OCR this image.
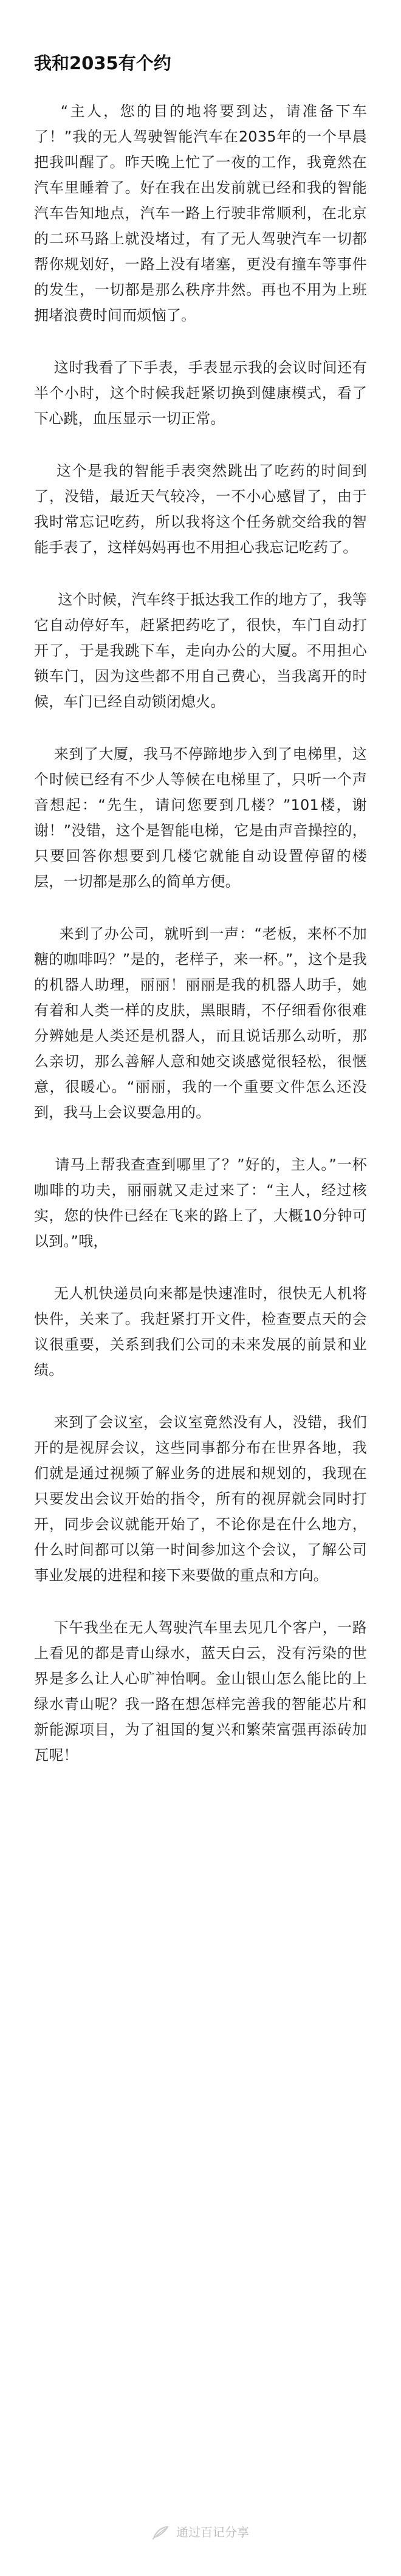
我和2035有个约

“主人，您的目的地将要到达，请准备下车了！”我的无人驾驶智能汽车在2035年的一个早晨把我叫醒了。昨天晚上忙了一夜的工作，我竟然在汽车里睡着了。好在我在出发前就已经和我的智能汽车告知地点，汽车一路上行驶非常顺利，在北京的二环马路上就没堵过，有了无人驾驶汽车一切都帮你规划好，一路上没有堵塞，更没有撞车等事件的发生，一切都是那么秩序井然。再也不用为上班拥堵浪费时间而烦恼了。

这时我看了下手表，手表显示我的会议时间还有半个小时，这个时候我赶紧切换到健康模式，看了下心跳，血压显示一切正常。

这个是我的智能手表突然跳出了吃药的时间到了，没错，最近天气较冷，一不小心感冒了，由于我时常忘记吃药，所以我将这个任务就交给我的智能手表了，这样妈妈再也不用担心我忘记吃药了。

这个时候，汽车终于抵达我工作的地方了，我等它自动停好车，赶紧把药吃了，很快，车门自动打开了，于是我跳下车，走向办公的大厦。不用担心锁车门，因为这些都不用自己费心，当我离开的时候，车门已经自动锁闭熄火。

来到了大厦，我马不停蹄地步入到了电梯里，这个时候已经有不少人等候在电梯里了，只听一个声音想起：“先生，请问您要到几楼？”101楼，谢谢！”没错，这个是智能电梯，它是由声音操控的，只要回答你想要到几楼它就能自动设置停留的楼层，一切都是那么的简单方便。

来到了办公司，就听到一声：“老板，来杯不加糖的咖啡吗？”是的，老样子，来一杯。”，这个是我的机器人助理，丽丽！丽丽是我的机器人助手，她有着和人类一样的皮肤，黑眼睛，不仔细看你很难分辨她是人类还是机器人，而且说话那么动听，那么亲切，那么善解人意和她交谈感觉很轻松，很惬意，很暖心。“丽丽，我的一个重要文件怎么还没到，我马上会议要急用的。

请马上帮我查查到哪里了？”好的，主人。”一杯咖啡的功夫，丽丽就又走过来了：“主人，经过核实，您的快件已经在飞来的路上了，大概10分钟可以到。”哦，

无人机快递员向来都是快速准时，很快无人机将快件，关来了。我赶紧打开文件，检查要点天的会议很重要，关系到我们公司的未来发展的前景和业绩。

来到了会议室，会议室竟然没有人，没错，我们开的是视屏会议，这些同事都分布在世界各地，我们就是通过视频了解业务的进展和规划的，我现在只要发出会议开始的指令，所有的视屏就会同时打开，同步会议就能开始了，不论你是在什么地方，什么时间都可以第一时间参加这个会议，了解公司事业发展的进程和接下来要做的重点和方向。

下午我坐在无人驾驶汽车里去见几个客户，一路上看见的都是青山绿水，蓝天白云，没有污染的世界是多么让人心旷神怡啊。金山银山怎么能比的上绿水青山呢？我一路在想怎样完善我的智能芯片和新能源项目，为了祖国的复兴和繁荣富强再添砖加瓦呢！

通过百记分享
